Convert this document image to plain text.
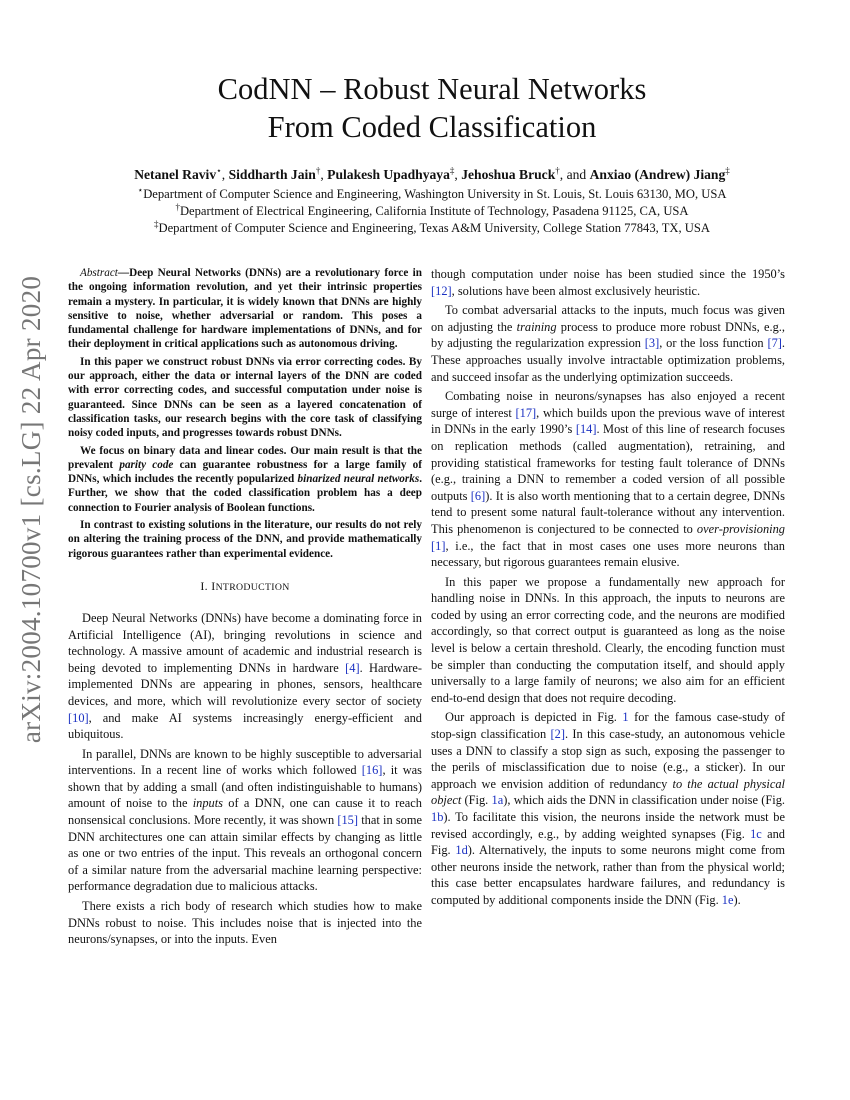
arXiv:2004.10700v1 [cs.LG] 22 Apr 2020
CodNN – Robust Neural Networks
From Coded Classification
Netanel Raviv⋆, Siddharth Jain†, Pulakesh Upadhyaya‡, Jehoshua Bruck†, and Anxiao (Andrew) Jiang‡
⋆Department of Computer Science and Engineering, Washington University in St. Louis, St. Louis 63130, MO, USA
†Department of Electrical Engineering, California Institute of Technology, Pasadena 91125, CA, USA
‡Department of Computer Science and Engineering, Texas A&M University, College Station 77843, TX, USA

Abstract—Deep Neural Networks (DNNs) are a revolutionary force in the ongoing information revolution, and yet their intrinsic properties remain a mystery. In particular, it is widely known that DNNs are highly sensitive to noise, whether adversarial or random. This poses a fundamental challenge for hardware implementations of DNNs, and for their deployment in critical applications such as autonomous driving.

In this paper we construct robust DNNs via error correcting codes. By our approach, either the data or internal layers of the DNN are coded with error correcting codes, and successful computation under noise is guaranteed. Since DNNs can be seen as a layered concatenation of classification tasks, our research begins with the core task of classifying noisy coded inputs, and progresses towards robust DNNs.

We focus on binary data and linear codes. Our main result is that the prevalent parity code can guarantee robustness for a large family of DNNs, which includes the recently popularized binarized neural networks. Further, we show that the coded classification problem has a deep connection to Fourier analysis of Boolean functions.

In contrast to existing solutions in the literature, our results do not rely on altering the training process of the DNN, and provide mathematically rigorous guarantees rather than experimental evidence.

I. INTRODUCTION

Deep Neural Networks (DNNs) have become a dominating force in Artificial Intelligence (AI), bringing revolutions in science and technology. A massive amount of academic and industrial research is being devoted to implementing DNNs in hardware [4]. Hardware-implemented DNNs are appearing in phones, sensors, healthcare devices, and more, which will revolutionize every sector of society [10], and make AI systems increasingly energy-efficient and ubiquitous.

In parallel, DNNs are known to be highly susceptible to adversarial interventions. In a recent line of works which followed [16], it was shown that by adding a small (and often indistinguishable to humans) amount of noise to the inputs of a DNN, one can cause it to reach nonsensical conclusions. More recently, it was shown [15] that in some DNN architectures one can attain similar effects by changing as little as one or two entries of the input. This reveals an orthogonal concern of a similar nature from the adversarial machine learning perspective: performance degradation due to malicious attacks.

There exists a rich body of research which studies how to make DNNs robust to noise. This includes noise that is injected into the neurons/synapses, or into the inputs. Even

though computation under noise has been studied since the 1950’s [12], solutions have been almost exclusively heuristic.

To combat adversarial attacks to the inputs, much focus was given on adjusting the training process to produce more robust DNNs, e.g., by adjusting the regularization expression [3], or the loss function [7]. These approaches usually involve intractable optimization problems, and succeed insofar as the underlying optimization succeeds.

Combating noise in neurons/synapses has also enjoyed a recent surge of interest [17], which builds upon the previous wave of interest in DNNs in the early 1990’s [14]. Most of this line of research focuses on replication methods (called augmentation), retraining, and providing statistical frameworks for testing fault tolerance of DNNs (e.g., training a DNN to remember a coded version of all possible outputs [6]). It is also worth mentioning that to a certain degree, DNNs tend to present some natural fault-tolerance without any intervention. This phenomenon is conjectured to be connected to over-provisioning [1], i.e., the fact that in most cases one uses more neurons than necessary, but rigorous guarantees remain elusive.

In this paper we propose a fundamentally new approach for handling noise in DNNs. In this approach, the inputs to neurons are coded by using an error correcting code, and the neurons are modified accordingly, so that correct output is guaranteed as long as the noise level is below a certain threshold. Clearly, the encoding function must be simpler than conducting the computation itself, and should apply universally to a large family of neurons; we also aim for an efficient end-to-end design that does not require decoding.

Our approach is depicted in Fig. 1 for the famous case-study of stop-sign classification [2]. In this case-study, an autonomous vehicle uses a DNN to classify a stop sign as such, exposing the passenger to the perils of misclassification due to noise (e.g., a sticker). In our approach we envision addition of redundancy to the actual physical object (Fig. 1a), which aids the DNN in classification under noise (Fig. 1b). To facilitate this vision, the neurons inside the network must be revised accordingly, e.g., by adding weighted synapses (Fig. 1c and Fig. 1d). Alternatively, the inputs to some neurons might come from other neurons inside the network, rather than from the physical world; this case better encapsulates hardware failures, and redundancy is computed by additional components inside the DNN (Fig. 1e).
